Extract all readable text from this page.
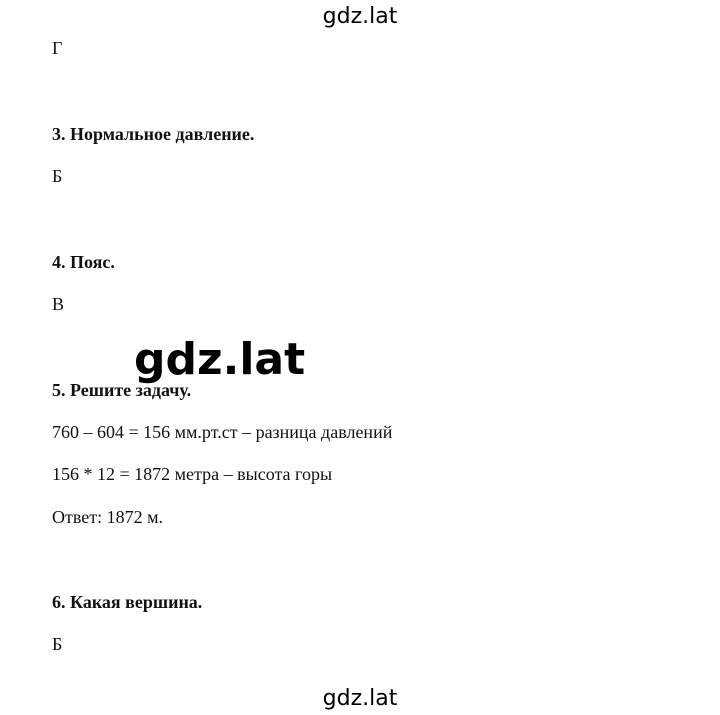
gdz.lat
Г
3. Нормальное давление.
Б
4. Пояс.
В
5. Решите задачу.
760 – 604 = 156 мм.рт.ст – разница давлений
156 * 12 = 1872 метра – высота горы
Ответ: 1872 м.
6. Какая вершина.
Б
gdz.lat
gdz.lat
